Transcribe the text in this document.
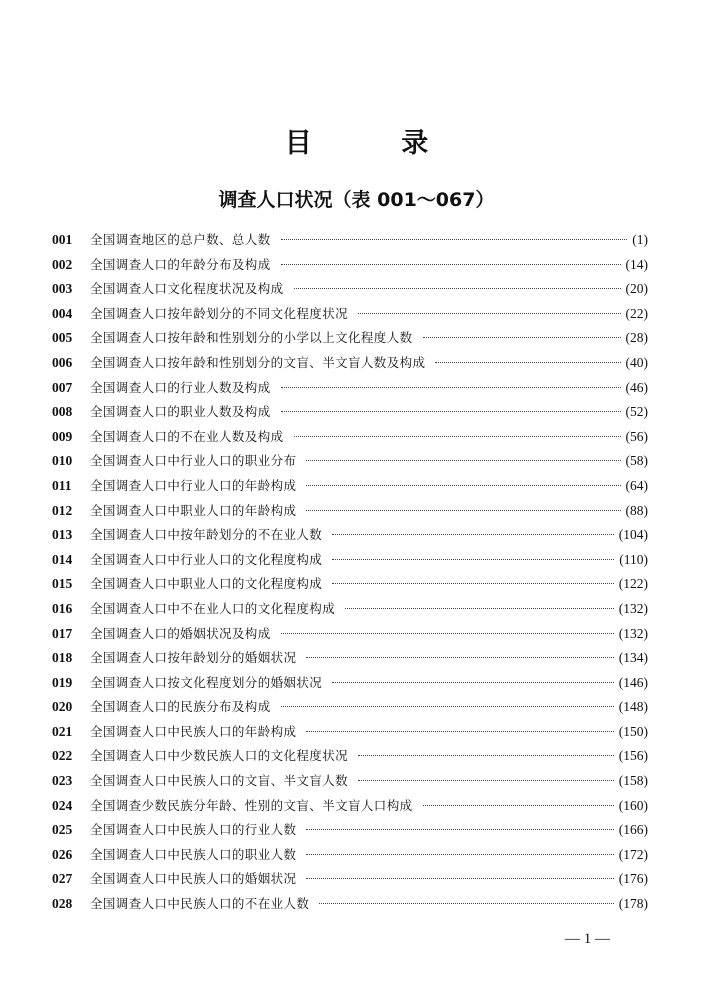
目 录
调查人口状况（表 001～067）
001	全国调查地区的总户数、总人数	(1)
002	全国调查人口的年龄分布及构成	(14)
003	全国调查人口文化程度状况及构成	(20)
004	全国调查人口按年龄划分的不同文化程度状况	(22)
005	全国调查人口按年龄和性别划分的小学以上文化程度人数	(28)
006	全国调查人口按年龄和性别划分的文盲、半文盲人数及构成	(40)
007	全国调查人口的行业人数及构成	(46)
008	全国调查人口的职业人数及构成	(52)
009	全国调查人口的不在业人数及构成	(56)
010	全国调查人口中行业人口的职业分布	(58)
011	全国调查人口中行业人口的年龄构成	(64)
012	全国调查人口中职业人口的年龄构成	(88)
013	全国调查人口中按年龄划分的不在业人数	(104)
014	全国调查人口中行业人口的文化程度构成	(110)
015	全国调查人口中职业人口的文化程度构成	(122)
016	全国调查人口中不在业人口的文化程度构成	(132)
017	全国调查人口的婚姻状况及构成	(132)
018	全国调查人口按年龄划分的婚姻状况	(134)
019	全国调查人口按文化程度划分的婚姻状况	(146)
020	全国调查人口的民族分布及构成	(148)
021	全国调查人口中民族人口的年龄构成	(150)
022	全国调查人口中少数民族人口的文化程度状况	(156)
023	全国调查人口中民族人口的文盲、半文盲人数	(158)
024	全国调查少数民族分年龄、性别的文盲、半文盲人口构成	(160)
025	全国调查人口中民族人口的行业人数	(166)
026	全国调查人口中民族人口的职业人数	(172)
027	全国调查人口中民族人口的婚姻状况	(176)
028	全国调查人口中民族人口的不在业人数	(178)
— 1 —
